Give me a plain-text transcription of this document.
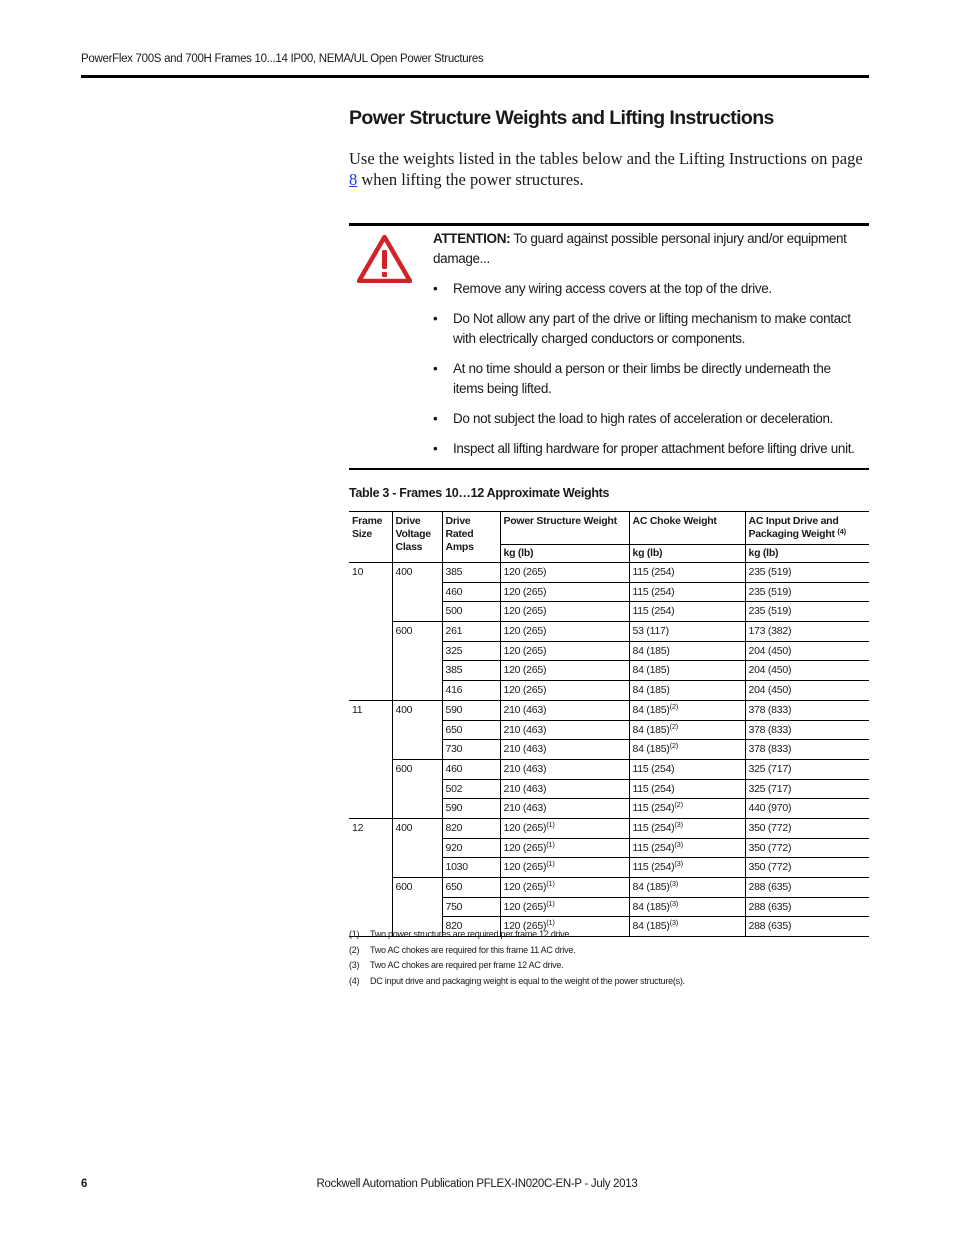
PowerFlex 700S and 700H Frames 10...14 IP00, NEMA/UL Open Power Structures
Power Structure Weights and Lifting Instructions
Use the weights listed in the tables below and the Lifting Instructions on page 8 when lifting the power structures.
ATTENTION: To guard against possible personal injury and/or equipment damage...
• Remove any wiring access covers at the top of the drive.
• Do Not allow any part of the drive or lifting mechanism to make contact with electrically charged conductors or components.
• At no time should a person or their limbs be directly underneath the items being lifted.
• Do not subject the load to high rates of acceleration or deceleration.
• Inspect all lifting hardware for proper attachment before lifting drive unit.
Table 3 - Frames 10…12 Approximate Weights
Frame Size	Drive Voltage Class	Drive Rated Amps	Power Structure Weight	AC Choke Weight	AC Input Drive and Packaging Weight $^{(4)}$
			kg (lb)	kg (lb)	kg (lb)
10	400	385	120 (265)	115 (254)	235 (519)
		460	120 (265)	115 (254)	235 (519)
		500	120 (265)	115 (254)	235 (519)
	600	261	120 (265)	53 (117)	173 (382)
		325	120 (265)	84 (185)	204 (450)
		385	120 (265)	84 (185)	204 (450)
		416	120 (265)	84 (185)	204 (450)
11	400	590	210 (463)	84 $(185)^{(2)}$	378 (833)
		650	210 (463)	84 $(185)^{(2)}$	378 (833)
		730	210 (463)	84 $(185)^{(2)}$	378 (833)
	600	460	210 (463)	115 (254)	325 (717)
		502	210 (463)	115 (254)	325 (717)
		590	210 (463)	115 $(254)^{(2)}$	440 (970)
12	400	820	120 $(265)^{(1)}$	115 $(254)^{(3)}$	350 (772)
		920	120 $(265)^{(1)}$	115 $(254)^{(3)}$	350 (772)
		1030	120 $(265)^{(1)}$	115 $(254)^{(3)}$	350 (772)
	600	650	120 $(265)^{(1)}$	84 $(185)^{(3)}$	288 (635)
		750	120 $(265)^{(1)}$	84 $(185)^{(3)}$	288 (635)
		820	120 $(265)^{(1)}$	84 $(185)^{(3)}$	288 (635)
(1)	Two power structures are required per frame 12 drive.
(2)	Two AC chokes are required for this frame 11 AC drive.
(3)	Two AC chokes are required per frame 12 AC drive.
(4)	DC input drive and packaging weight is equal to the weight of the power structure(s).
6	Rockwell Automation Publication PFLEX-IN020C-EN-P - July 2013
